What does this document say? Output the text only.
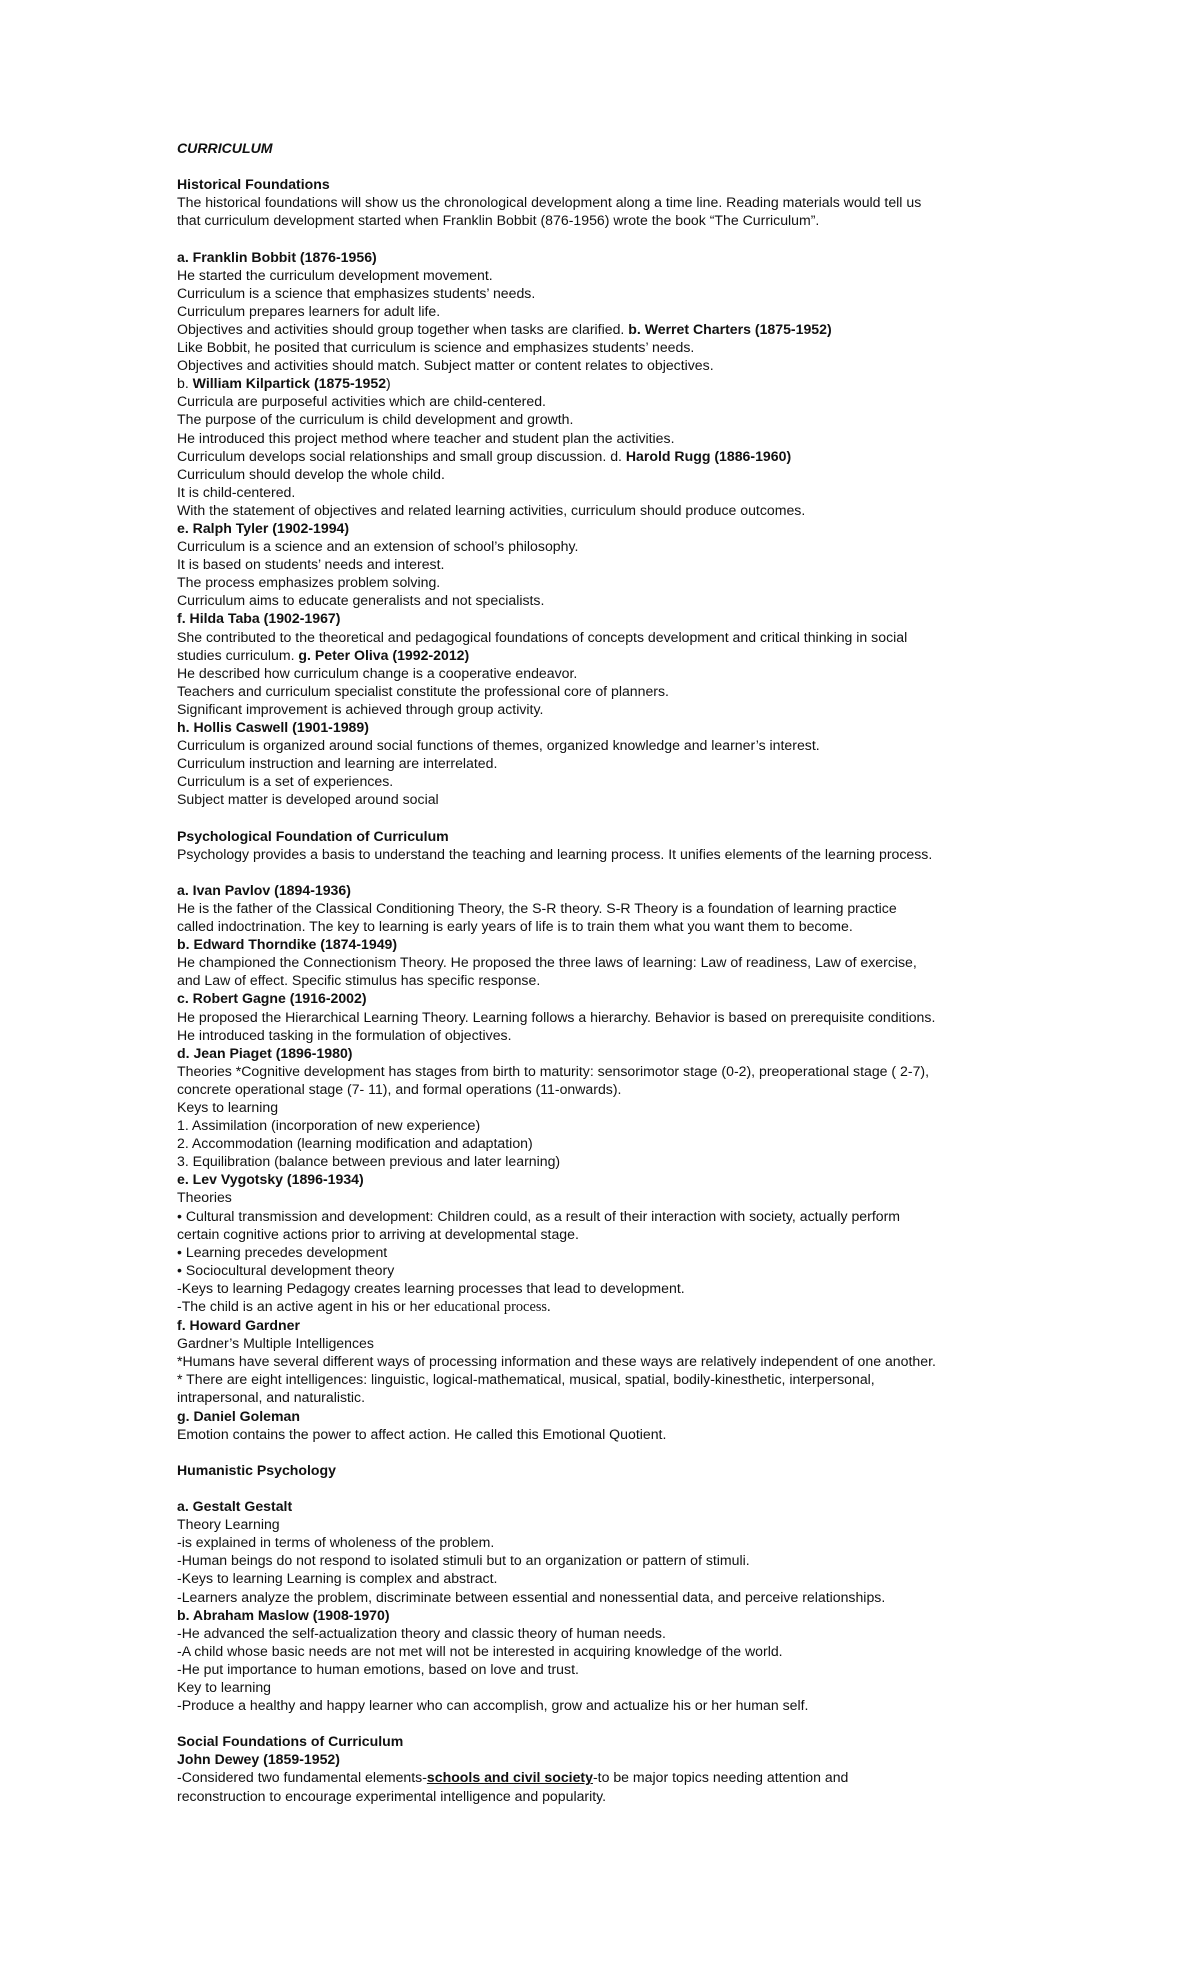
CURRICULUM
Historical Foundations
The historical foundations will show us the chronological development along a time line. Reading materials would tell us
that curriculum development started when Franklin Bobbit (876-1956) wrote the book “The Curriculum”.
a. Franklin Bobbit (1876-1956)
He started the curriculum development movement.
Curriculum is a science that emphasizes students’ needs.
Curriculum prepares learners for adult life.
Objectives and activities should group together when tasks are clarified. b. Werret Charters (1875-1952)
Like Bobbit, he posited that curriculum is science and emphasizes students’ needs.
Objectives and activities should match. Subject matter or content relates to objectives.
b. William Kilpartick (1875-1952)
Curricula are purposeful activities which are child-centered.
The purpose of the curriculum is child development and growth.
He introduced this project method where teacher and student plan the activities.
Curriculum develops social relationships and small group discussion. d. Harold Rugg (1886-1960)
Curriculum should develop the whole child.
It is child-centered.
With the statement of objectives and related learning activities, curriculum should produce outcomes.
e. Ralph Tyler (1902-1994)
Curriculum is a science and an extension of school’s philosophy.
It is based on students’ needs and interest.
The process emphasizes problem solving.
Curriculum aims to educate generalists and not specialists.
f. Hilda Taba (1902-1967)
She contributed to the theoretical and pedagogical foundations of concepts development and critical thinking in social
studies curriculum. g. Peter Oliva (1992-2012)
He described how curriculum change is a cooperative endeavor.
Teachers and curriculum specialist constitute the professional core of planners.
Significant improvement is achieved through group activity.
h. Hollis Caswell (1901-1989)
Curriculum is organized around social functions of themes, organized knowledge and learner’s interest.
Curriculum instruction and learning are interrelated.
Curriculum is a set of experiences.
Subject matter is developed around social
Psychological Foundation of Curriculum
Psychology provides a basis to understand the teaching and learning process. It unifies elements of the learning process.
a. Ivan Pavlov (1894-1936)
He is the father of the Classical Conditioning Theory, the S-R theory. S-R Theory is a foundation of learning practice
called indoctrination. The key to learning is early years of life is to train them what you want them to become.
b. Edward Thorndike (1874-1949)
He championed the Connectionism Theory. He proposed the three laws of learning: Law of readiness, Law of exercise,
and Law of effect. Specific stimulus has specific response.
c. Robert Gagne (1916-2002)
He proposed the Hierarchical Learning Theory. Learning follows a hierarchy. Behavior is based on prerequisite conditions.
He introduced tasking in the formulation of objectives.
d. Jean Piaget (1896-1980)
Theories *Cognitive development has stages from birth to maturity: sensorimotor stage (0-2), preoperational stage ( 2-7),
concrete operational stage (7- 11), and formal operations (11-onwards).
Keys to learning
1. Assimilation (incorporation of new experience)
2. Accommodation (learning modification and adaptation)
3. Equilibration (balance between previous and later learning)
e. Lev Vygotsky (1896-1934)
Theories
• Cultural transmission and development: Children could, as a result of their interaction with society, actually perform
certain cognitive actions prior to arriving at developmental stage.
• Learning precedes development
• Sociocultural development theory
-Keys to learning Pedagogy creates learning processes that lead to development.
-The child is an active agent in his or her educational process.
f. Howard Gardner
Gardner’s Multiple Intelligences
*Humans have several different ways of processing information and these ways are relatively independent of one another.
* There are eight intelligences: linguistic, logical-mathematical, musical, spatial, bodily-kinesthetic, interpersonal,
intrapersonal, and naturalistic.
g. Daniel Goleman
Emotion contains the power to affect action. He called this Emotional Quotient.
Humanistic Psychology
a. Gestalt Gestalt
Theory Learning
-is explained in terms of wholeness of the problem.
-Human beings do not respond to isolated stimuli but to an organization or pattern of stimuli.
-Keys to learning Learning is complex and abstract.
-Learners analyze the problem, discriminate between essential and nonessential data, and perceive relationships.
b. Abraham Maslow (1908-1970)
-He advanced the self-actualization theory and classic theory of human needs.
-A child whose basic needs are not met will not be interested in acquiring knowledge of the world.
-He put importance to human emotions, based on love and trust.
Key to learning
-Produce a healthy and happy learner who can accomplish, grow and actualize his or her human self.
Social Foundations of Curriculum
John Dewey (1859-1952)
-Considered two fundamental elements-schools and civil society-to be major topics needing attention and
reconstruction to encourage experimental intelligence and popularity.
